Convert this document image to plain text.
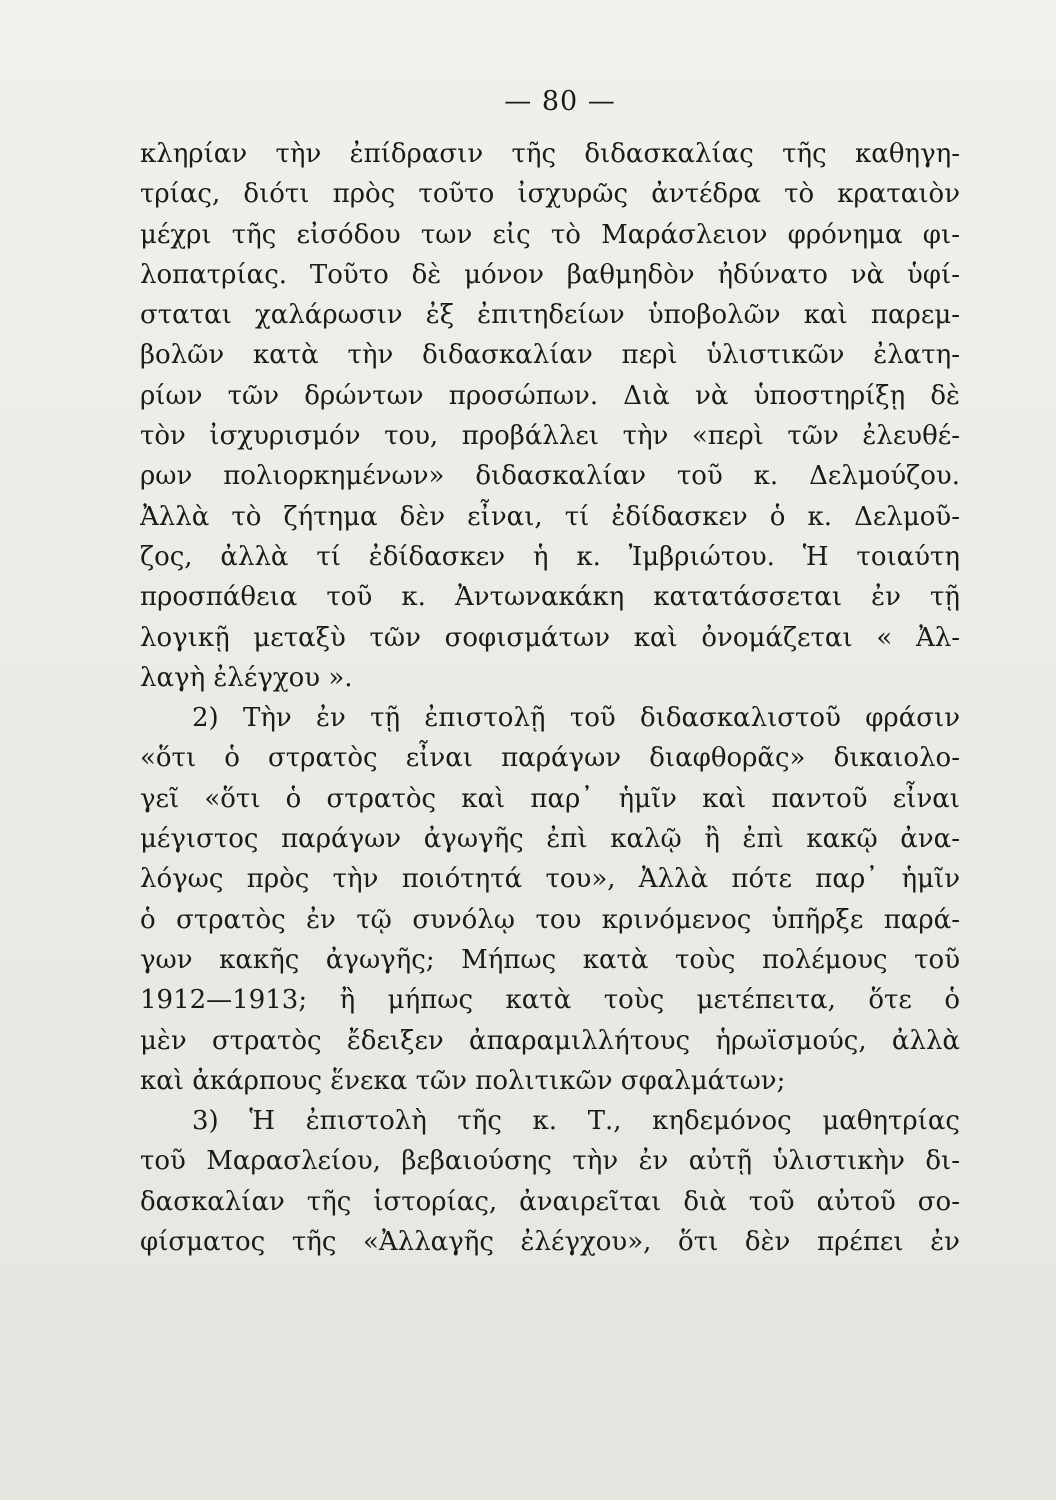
— 80 —
κληρίαν τὴν ἐπίδρασιν τῆς διδασκαλίας τῆς καθηγη-
τρίας, διότι πρὸς τοῦτο ἰσχυρῶς ἀντέδρα τὸ κραταιὸν
μέχρι τῆς εἰσόδου των εἰς τὸ Μαράσλειον φρόνημα φι-
λοπατρίας. Τοῦτο δὲ μόνον βαθμηδὸν ἠδύνατο νὰ ὑφί-
σταται χαλάρωσιν ἐξ ἐπιτηδείων ὑποβολῶν καὶ παρεμ-
βολῶν κατὰ τὴν διδασκαλίαν περὶ ὑλιστικῶν ἐλατη-
ρίων τῶν δρώντων προσώπων. Διὰ νὰ ὑποστηρίξῃ δὲ
τὸν ἰσχυρισμόν του, προβάλλει τὴν «περὶ τῶν ἐλευθέ-
ρων πολιορκημένων» διδασκαλίαν τοῦ κ. Δελμούζου.
Ἀλλὰ τὸ ζήτημα δὲν εἶναι, τί ἐδίδασκεν ὁ κ. Δελμοῦ-
ζος, ἀλλὰ τί ἐδίδασκεν ἡ κ. Ἰμβριώτου. Ἡ τοιαύτη
προσπάθεια τοῦ κ. Ἀντωνακάκη κατατάσσεται ἐν τῇ
λογικῇ μεταξὺ τῶν σοφισμάτων καὶ ὀνομάζεται « Ἀλ-
λαγὴ ἐλέγχου ».
2) Τὴν ἐν τῇ ἐπιστολῇ τοῦ διδασκαλιστοῦ φράσιν
«ὅτι ὁ στρατὸς εἶναι παράγων διαφθορᾶς» δικαιολο-
γεῖ «ὅτι ὁ στρατὸς καὶ παρ᾿ ἡμῖν καὶ παντοῦ εἶναι
μέγιστος παράγων ἀγωγῆς ἐπὶ καλῷ ἢ ἐπὶ κακῷ ἀνα-
λόγως πρὸς τὴν ποιότητά του», Ἀλλὰ πότε παρ᾿ ἡμῖν
ὁ στρατὸς ἐν τῷ συνόλῳ του κρινόμενος ὑπῆρξε παρά-
γων κακῆς ἀγωγῆς; Μήπως κατὰ τοὺς πολέμους τοῦ
1912—1913; ἢ μήπως κατὰ τοὺς μετέπειτα, ὅτε ὁ
μὲν στρατὸς ἔδειξεν ἀπαραμιλλήτους ἡρωϊσμούς, ἀλλὰ
καὶ ἀκάρπους ἕνεκα τῶν πολιτικῶν σφαλμάτων;
3) Ἡ ἐπιστολὴ τῆς κ. Τ., κηδεμόνος μαθητρίας
τοῦ Μαρασλείου, βεβαιούσης τὴν ἐν αὐτῇ ὑλιστικὴν δι-
δασκαλίαν τῆς ἱστορίας, ἀναιρεῖται διὰ τοῦ αὐτοῦ σο-
φίσματος τῆς «Ἀλλαγῆς ἐλέγχου», ὅτι δὲν πρέπει ἐν
